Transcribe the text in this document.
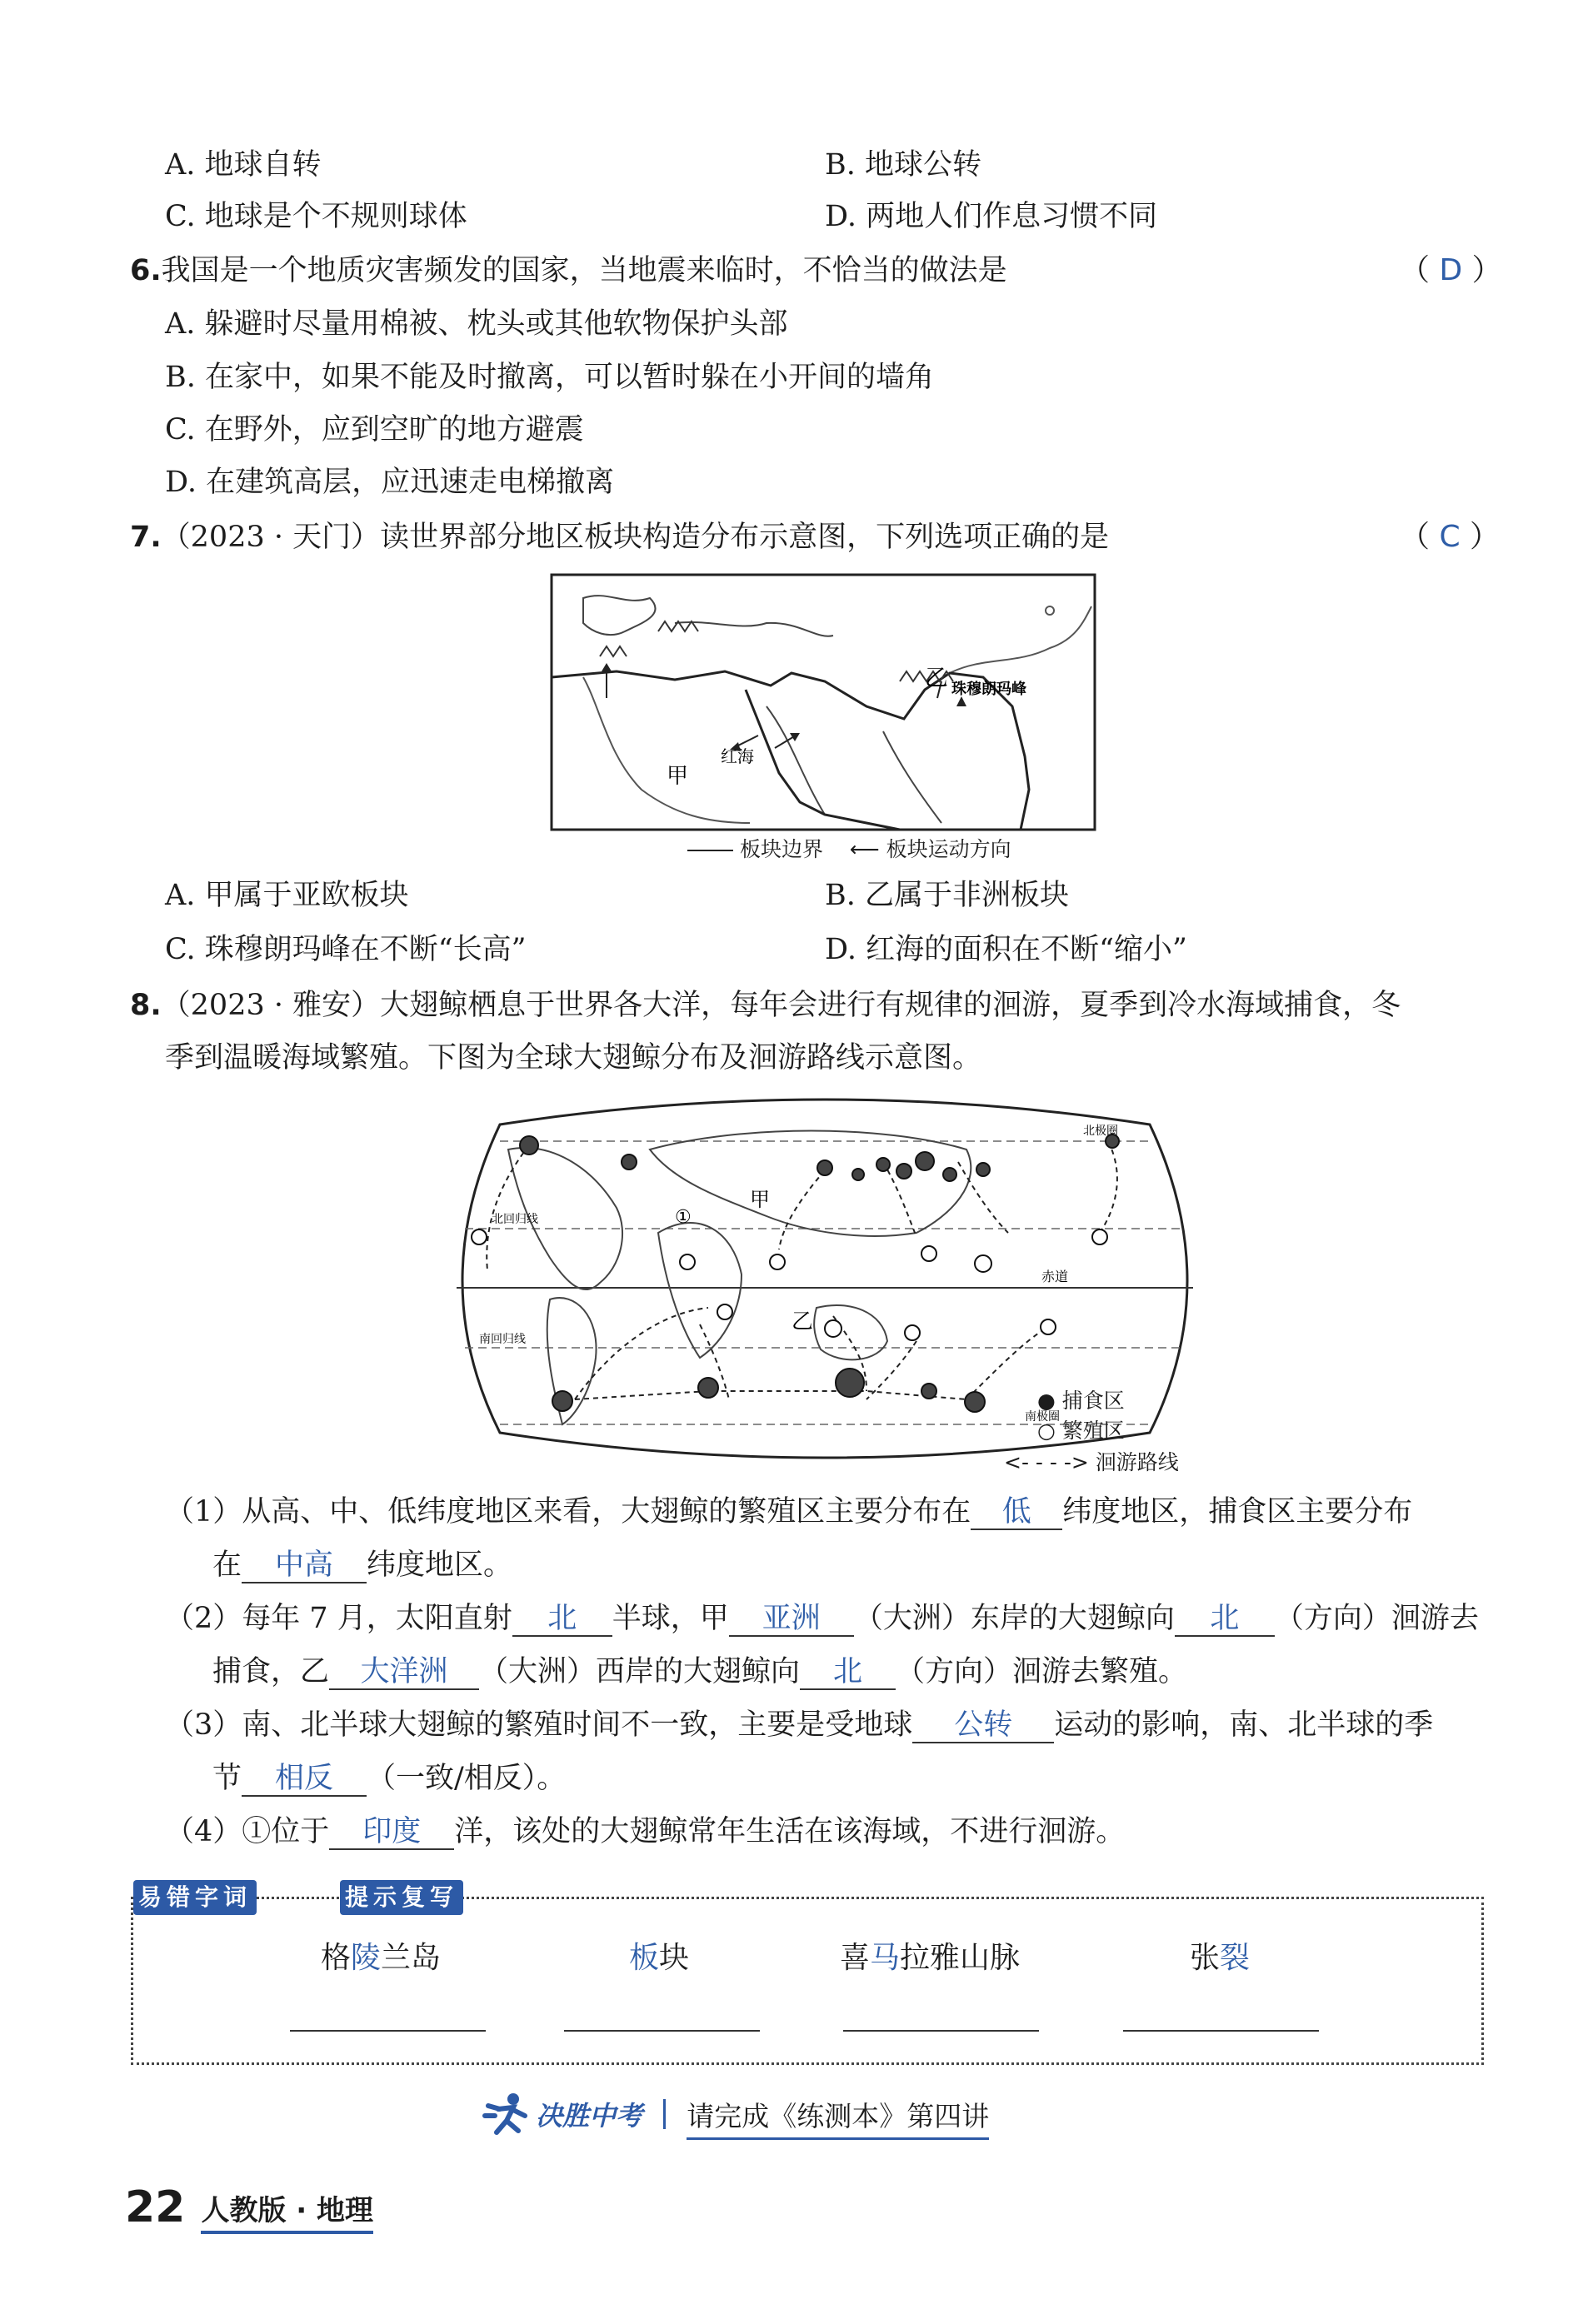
A. 地球自转	B. 地球公转
C. 地球是个不规则球体	D. 两地人们作息习惯不同
6.我国是一个地质灾害频发的国家，当地震来临时，不恰当的做法是	（ D ）
A. 躲避时尽量用棉被、枕头或其他软物保护头部
B. 在家中，如果不能及时撤离，可以暂时躲在小开间的墙角
C. 在野外，应到空旷的地方避震
D. 在建筑高层，应迅速走电梯撤离
7.（2023 · 天门）读世界部分地区板块构造分布示意图，下列选项正确的是	（ C ）
甲
乙
红海
珠穆朗玛峰
板块边界 ⟵ 板块运动方向
A. 甲属于亚欧板块	B. 乙属于非洲板块
C. 珠穆朗玛峰在不断“长高”	D. 红海的面积在不断“缩小”
8.（2023 · 雅安）大翅鲸栖息于世界各大洋，每年会进行有规律的洄游，夏季到冷水海域捕食，冬
季到温暖海域繁殖。下图为全球大翅鲸分布及洄游路线示意图。
①
甲
乙
赤道
北回归线
南回归线
北极圈
南极圈
● 捕食区
○ 繁殖区
<- - - -> 洄游路线
（1）从高、中、低纬度地区来看，大翅鲸的繁殖区主要分布在 低 纬度地区，捕食区主要分布
在 中高 纬度地区。
（2）每年 7 月，太阳直射 北 半球，甲 亚洲 （大洲）东岸的大翅鲸向 北 （方向）洄游去
捕食，乙 大洋洲 （大洲）西岸的大翅鲸向 北 （方向）洄游去繁殖。
（3）南、北半球大翅鲸的繁殖时间不一致，主要是受地球 公转 运动的影响，南、北半球的季
节 相反 （一致/相反）。
（4）①位于 印度 洋，该处的大翅鲸常年生活在该海域，不进行洄游。
易错字词	提示复写
格陵兰岛	板块	喜马拉雅山脉	张裂
决胜中考 请完成《练测本》第四讲
22 人教版 · 地理
